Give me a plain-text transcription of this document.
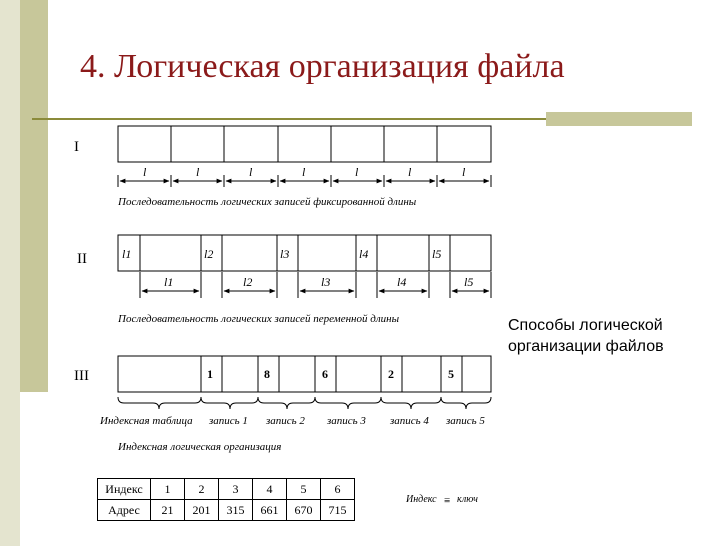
4. Логическая организация файла
Способы логической
организации файлов
I
II
III
l	l	l	l	l	l	l
Последовательность логических записей фиксированной длины
l1	l2	l3	l4	l5
l1	l2	l3	l4	l5
Последовательность логических записей переменной длины
1	8	6	2	5
Индексная таблица запись 1 запись 2 запись 3 запись 4 запись 5
Индексная логическая организация
Индекс ≡ ключ
Индекс	1	2	3	4	5	6
Адрес	21	201	315	661	670	715
